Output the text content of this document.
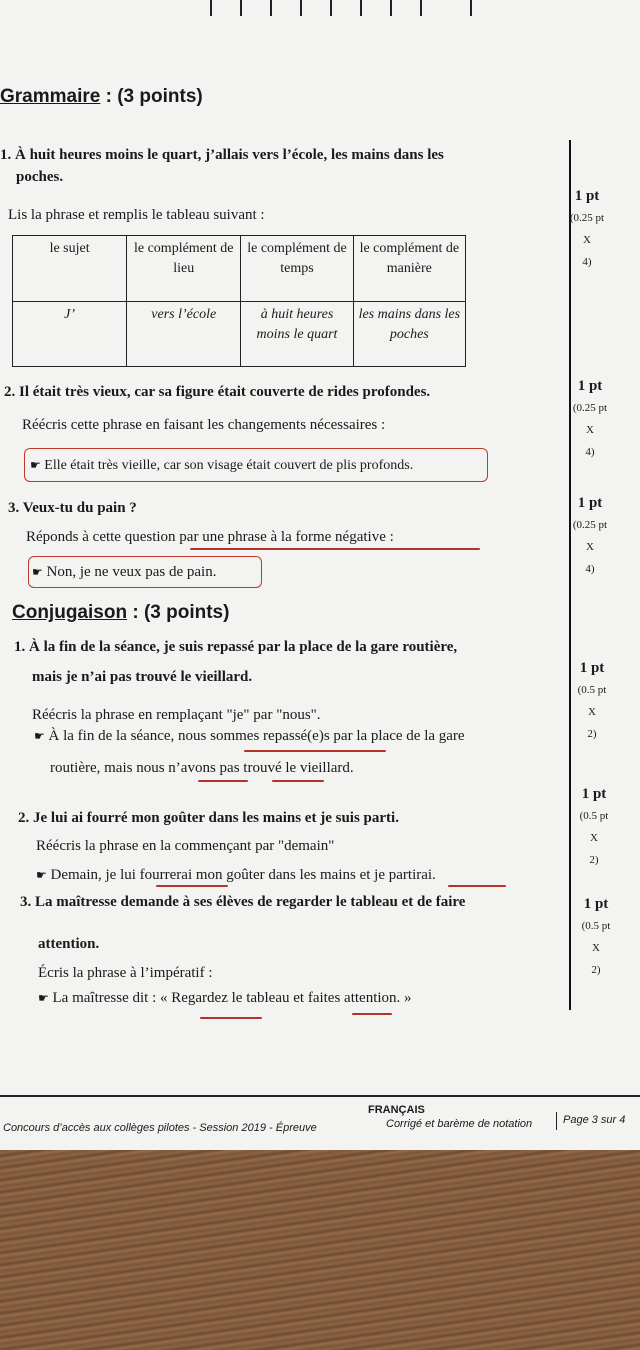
Grammaire : (3 points)
1. À huit heures moins le quart, j’allais vers l’école, les mains dans les
poches.
Lis la phrase et remplis le tableau suivant :
le sujet	le complément de lieu	le complément de temps	le complément de manière
J’	vers l’école	à huit heures moins le quart	les mains dans les poches
2. Il était très vieux, car sa figure était couverte de rides profondes.
Réécris cette phrase en faisant les changements nécessaires :
☛ Elle était très vieille, car son visage était couvert de plis profonds.
3. Veux-tu du pain ?
Réponds à cette question par une phrase à la forme négative :
☛ Non, je ne veux pas de pain.
Conjugaison : (3 points)
1. À la fin de la séance, je suis repassé par la place de la gare routière,
mais je n’ai pas trouvé le vieillard.
Réécris la phrase en remplaçant "je" par "nous".
☛ À la fin de la séance, nous sommes repassé(e)s par la place de la gare
routière, mais nous n’avons pas trouvé le vieillard.
2. Je lui ai fourré mon goûter dans les mains et je suis parti.
Réécris la phrase en la commençant par "demain"
☛ Demain, je lui fourrerai mon goûter dans les mains et je partirai.
3. La maîtresse demande à ses élèves de regarder le tableau et de faire
attention.
Écris la phrase à l’impératif :
☛ La maîtresse dit : « Regardez le tableau et faites attention. »
1 pt
(0.25 pt
X
4)
1 pt
(0.25 pt
X
4)
1 pt
(0.25 pt
X
4)
1 pt
(0.5 pt
X
2)
1 pt
(0.5 pt
X
2)
1 pt
(0.5 pt
X
2)
Concours d’accès aux collèges pilotes - Session 2019 - Épreuve
FRANÇAIS
Corrigé et barème de notation	Page 3 sur 4
